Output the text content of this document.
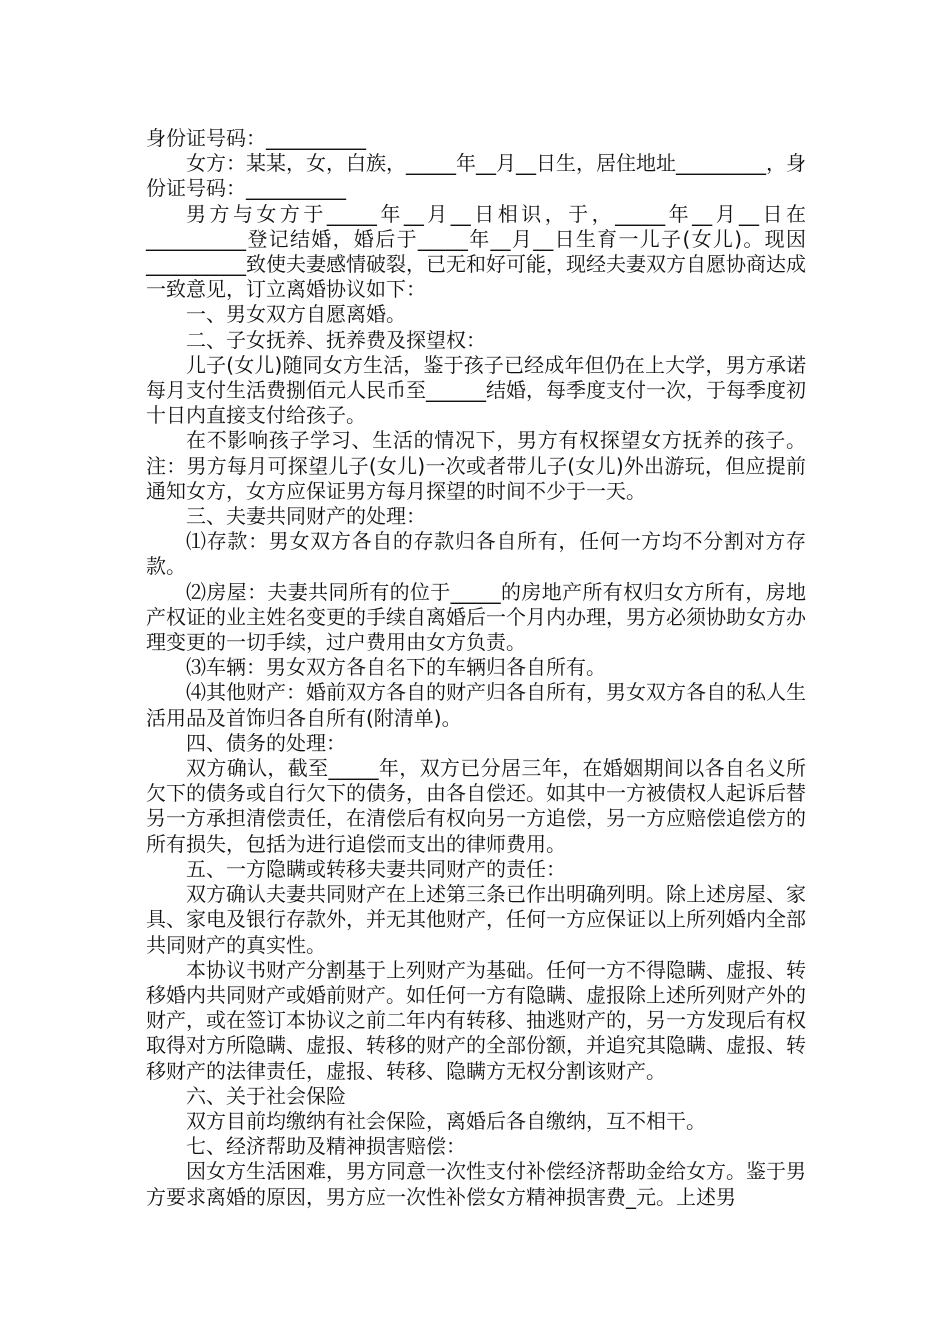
身份证号码：__________

女方：某某，女，白族，_____年__月__日生，居住地址_________，身份证号码：__________

男方与女方于_____年__月__日相识，于，_____年__月__日在__________登记结婚，婚后于_____年__月__日生育一儿子(女儿)。现因__________致使夫妻感情破裂，已无和好可能，现经夫妻双方自愿协商达成一致意见，订立离婚协议如下：

一、男女双方自愿离婚。

二、子女抚养、抚养费及探望权：

儿子(女儿)随同女方生活，鉴于孩子已经成年但仍在上大学，男方承诺每月支付生活费捌佰元人民币至______结婚，每季度支付一次，于每季度初十日内直接支付给孩子。

在不影响孩子学习、生活的情况下，男方有权探望女方抚养的孩子。注：男方每月可探望儿子(女儿)一次或者带儿子(女儿)外出游玩，但应提前通知女方，女方应保证男方每月探望的时间不少于一天。

三、夫妻共同财产的处理：

⑴存款：男女双方各自的存款归各自所有，任何一方均不分割对方存款。

⑵房屋：夫妻共同所有的位于_____的房地产所有权归女方所有，房地产权证的业主姓名变更的手续自离婚后一个月内办理，男方必须协助女方办理变更的一切手续，过户费用由女方负责。

⑶车辆：男女双方各自名下的车辆归各自所有。

⑷其他财产：婚前双方各自的财产归各自所有，男女双方各自的私人生活用品及首饰归各自所有(附清单)。

四、债务的处理：

双方确认，截至_____年，双方已分居三年，在婚姻期间以各自名义所欠下的债务或自行欠下的债务，由各自偿还。如其中一方被债权人起诉后替另一方承担清偿责任，在清偿后有权向另一方追偿，另一方应赔偿追偿方的所有损失，包括为进行追偿而支出的律师费用。

五、一方隐瞒或转移夫妻共同财产的责任：

双方确认夫妻共同财产在上述第三条已作出明确列明。除上述房屋、家具、家电及银行存款外，并无其他财产，任何一方应保证以上所列婚内全部共同财产的真实性。

本协议书财产分割基于上列财产为基础。任何一方不得隐瞒、虚报、转移婚内共同财产或婚前财产。如任何一方有隐瞒、虚报除上述所列财产外的财产，或在签订本协议之前二年内有转移、抽逃财产的，另一方发现后有权取得对方所隐瞒、虚报、转移的财产的全部份额，并追究其隐瞒、虚报、转移财产的法律责任，虚报、转移、隐瞒方无权分割该财产。

六、关于社会保险

双方目前均缴纳有社会保险，离婚后各自缴纳，互不相干。

七、经济帮助及精神损害赔偿：

因女方生活困难，男方同意一次性支付补偿经济帮助金给女方。鉴于男方要求离婚的原因，男方应一次性补偿女方精神损害费_元。上述男
